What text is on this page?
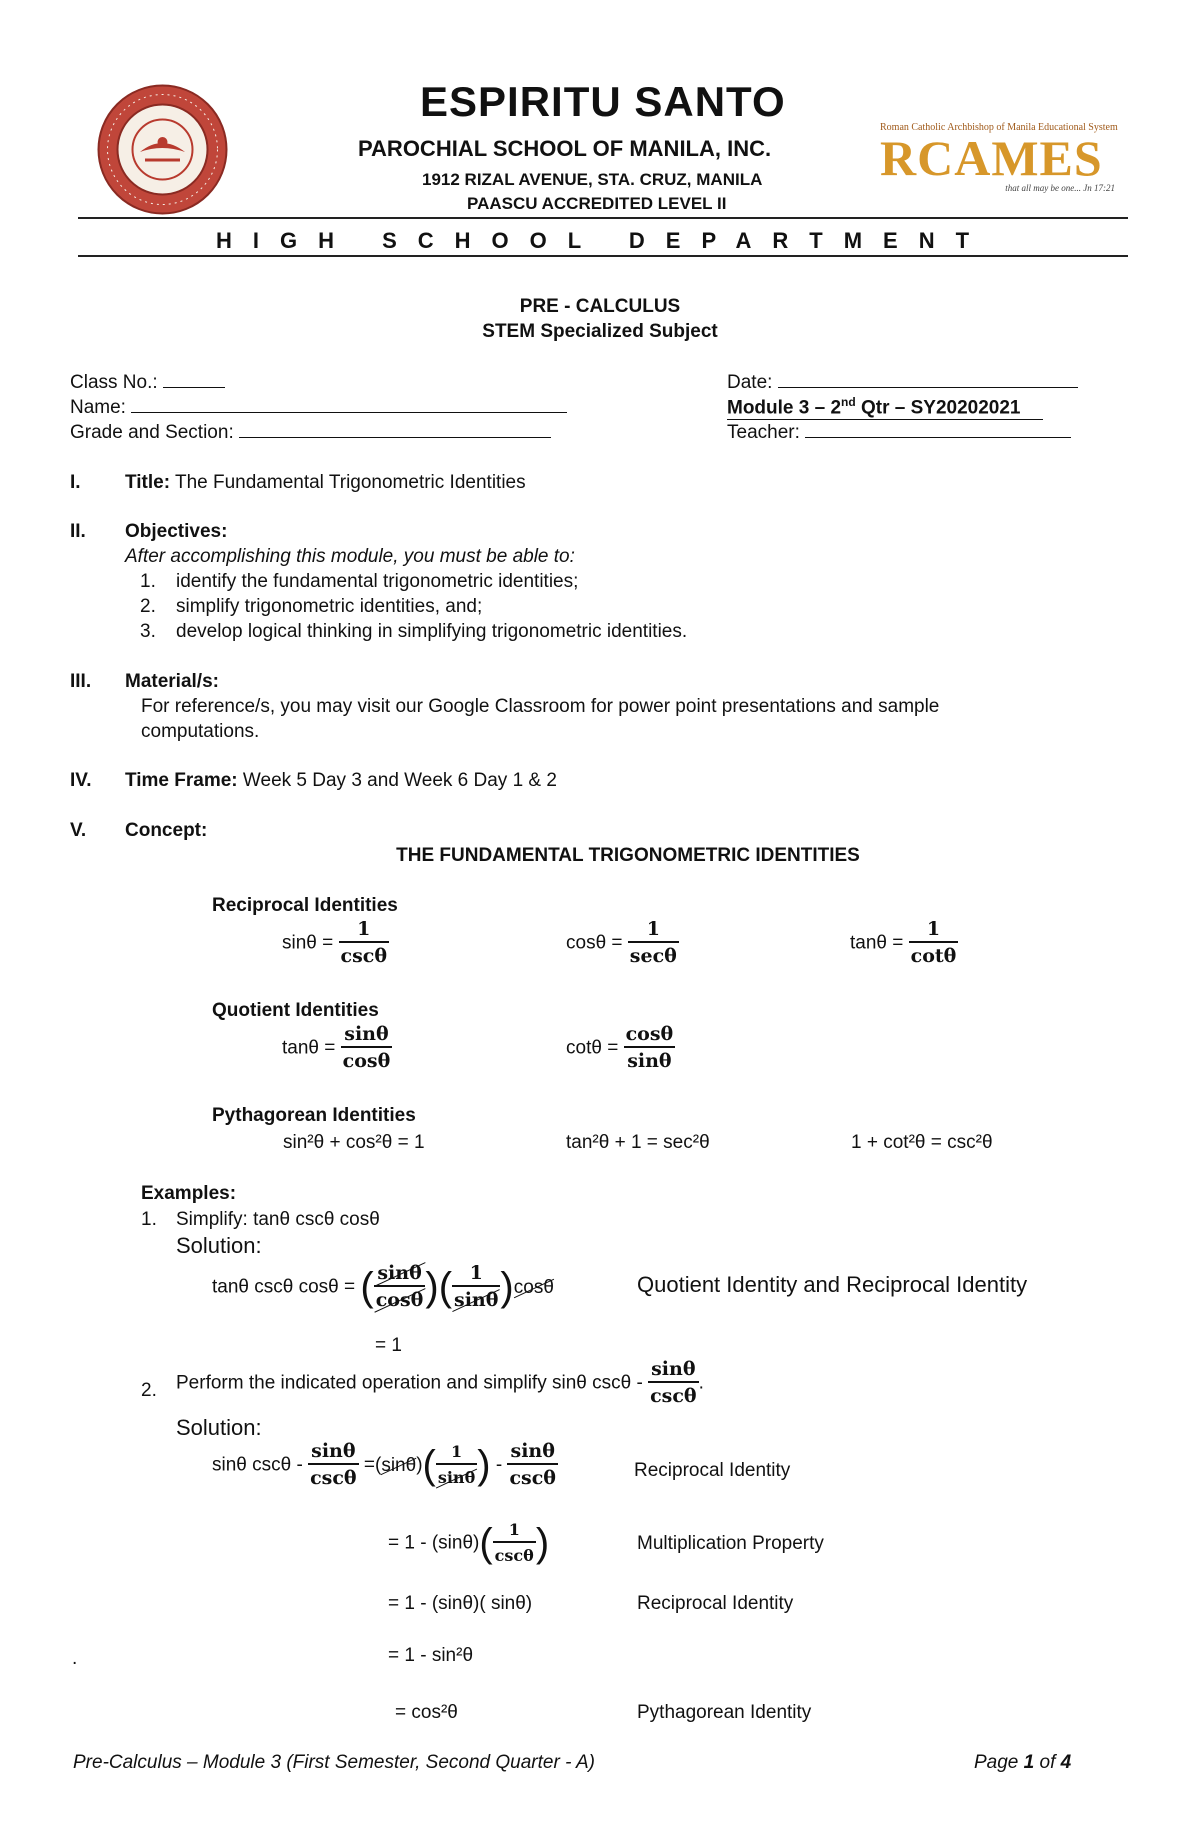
ESPIRITU SANTO
PAROCHIAL SCHOOL OF MANILA, INC.
1912 RIZAL AVENUE, STA. CRUZ, MANILA
PAASCU ACCREDITED LEVEL II
Roman Catholic Archbishop of Manila Educational System
RCAMES
that all may be one... Jn 17:21
HIGH SCHOOL DEPARTMENT
PRE - CALCULUS
STEM Specialized Subject
Class No.:	Date:
Name:	Module 3 – 2nd Qtr – SY20202021
Grade and Section:	Teacher:
I. Title: The Fundamental Trigonometric Identities
II. Objectives:
After accomplishing this module, you must be able to:
1. identify the fundamental trigonometric identities;
2. simplify trigonometric identities, and;
3. develop logical thinking in simplifying trigonometric identities.
III. Material/s:
For reference/s, you may visit our Google Classroom for power point presentations and sample
computations.
IV. Time Frame: Week 5 Day 3 and Week 6 Day 1 & 2
V. Concept:
THE FUNDAMENTAL TRIGONOMETRIC IDENTITIES
Reciprocal Identities
$\sin\theta = \frac{1}{\csc\theta}$	$\cos\theta = \frac{1}{\sec\theta}$	$\tan\theta = \frac{1}{\cot\theta}$
Quotient Identities
$\tan\theta = \frac{\sin\theta}{\cos\theta}$	$\cot\theta = \frac{\cos\theta}{\sin\theta}$
Pythagorean Identities
sin²θ + cos²θ = 1	tan²θ + 1 = sec²θ	1 + cot²θ = csc²θ
Examples:
1. Simplify: tanθ cscθ cosθ
Solution:
tanθ cscθ cosθ = ( $\frac{\sin\theta}{\cos\theta}$ )( $\frac{1}{\sin\theta} )\cos\theta$	Quotient Identity and Reciprocal Identity
= 1
2. Perform the indicated operation and simplify sinθ cscθ - $\frac{\sin\theta}{\csc\theta}$ .
Solution:
sinθ $\csc\theta - \frac{\sin\theta}{\csc\theta} =(\sin\theta)( \frac{1}{\sin\theta}$ ) - $\frac{\sin\theta}{\csc\theta}$	Reciprocal Identity
= $1 - (\sin\theta)( \frac{1}{\csc\theta}$ )	Multiplication Property
= 1 - (sinθ)( sinθ)	Reciprocal Identity
.	= 1 - sin²θ
= cos²θ	Pythagorean Identity
Pre-Calculus – Module 3 (First Semester, Second Quarter - A)	Page 1 of 4
